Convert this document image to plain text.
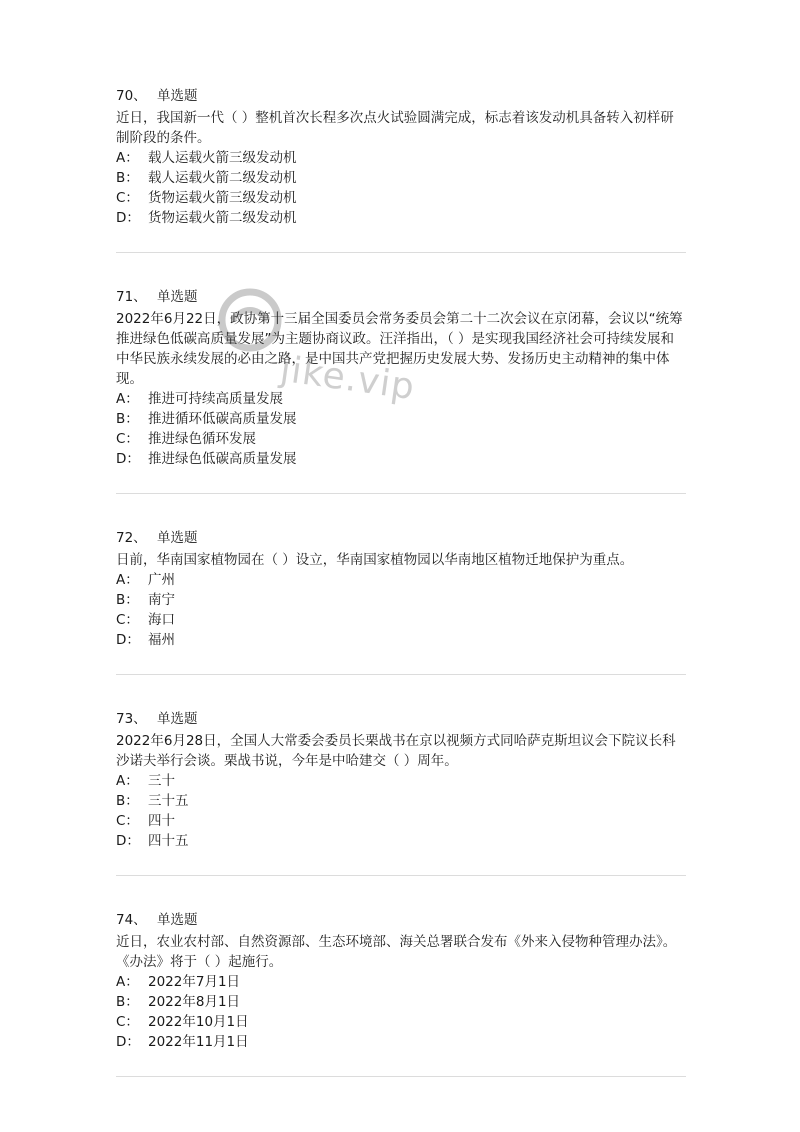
70、 单选题

近日，我国新一代（ ）整机首次长程多次点火试验圆满完成，标志着该发动机具备转入初样研制阶段的条件。

A： 载人运载火箭三级发动机
B： 载人运载火箭二级发动机
C： 货物运载火箭三级发动机
D： 货物运载火箭二级发动机
71、 单选题

2022年6月22日，政协第十三届全国委员会常务委员会第二十二次会议在京闭幕，会议以“统筹推进绿色低碳高质量发展”为主题协商议政。汪洋指出，（ ）是实现我国经济社会可持续发展和中华民族永续发展的必由之路，是中国共产党把握历史发展大势、发扬历史主动精神的集中体现。

A： 推进可持续高质量发展
B： 推进循环低碳高质量发展
C： 推进绿色循环发展
D： 推进绿色低碳高质量发展
72、 单选题

日前，华南国家植物园在（ ）设立，华南国家植物园以华南地区植物迁地保护为重点。

A： 广州
B： 南宁
C： 海口
D： 福州
73、 单选题

2022年6月28日，全国人大常委会委员长栗战书在京以视频方式同哈萨克斯坦议会下院议长科沙诺夫举行会谈。栗战书说，今年是中哈建交（ ）周年。

A： 三十
B： 三十五
C： 四十
D： 四十五
74、 单选题

近日，农业农村部、自然资源部、生态环境部、海关总署联合发布《外来入侵物种管理办法》。《办法》将于（ ）起施行。

A： 2022年7月1日
B： 2022年8月1日
C： 2022年10月1日
D： 2022年11月1日
jike.vip
